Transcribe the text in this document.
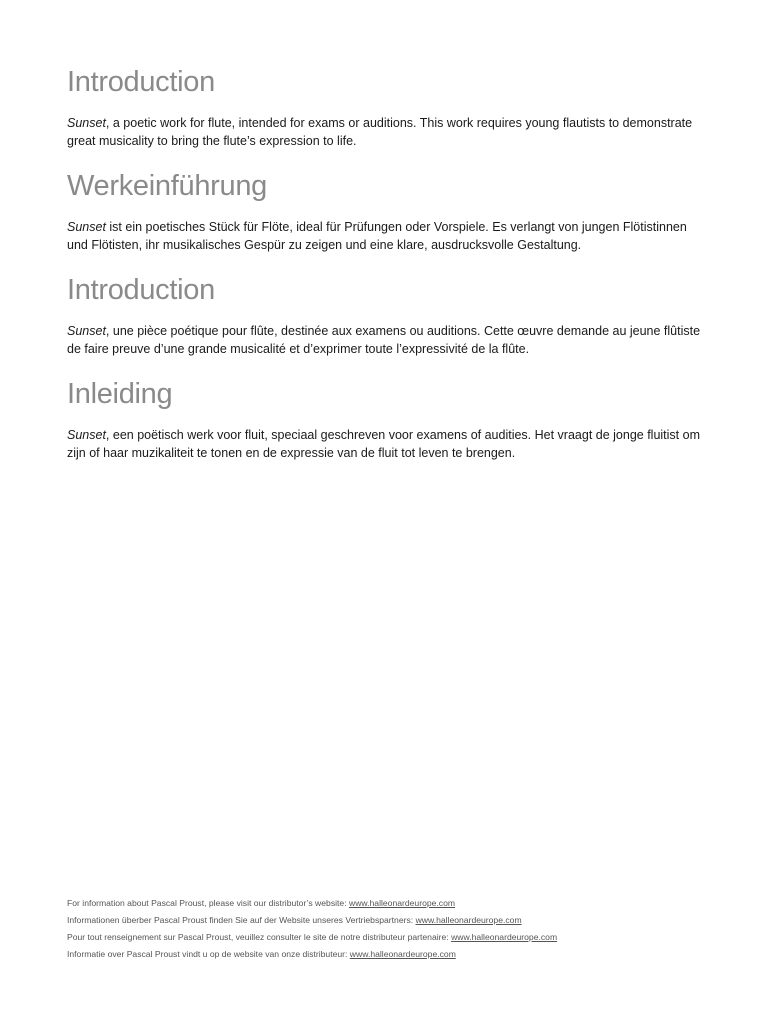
Introduction

Sunset, a poetic work for flute, intended for exams or auditions. This work requires young flautists to demonstrate great musicality to bring the flute’s expression to life.

Werkeinführung

Sunset ist ein poetisches Stück für Flöte, ideal für Prüfungen oder Vorspiele. Es verlangt von jungen Flötistinnen und Flötisten, ihr musikalisches Gespür zu zeigen und eine klare, ausdrucksvolle Gestaltung.

Introduction

Sunset, une pièce poétique pour flûte, destinée aux examens ou auditions. Cette œuvre demande au jeune flûtiste de faire preuve d’une grande musicalité et d’exprimer toute l’expressivité de la flûte.

Inleiding

Sunset, een poëtisch werk voor fluit, speciaal geschreven voor examens of audities. Het vraagt de jonge fluitist om zijn of haar muzikaliteit te tonen en de expressie van de fluit tot leven te brengen.

For information about Pascal Proust, please visit our distributor’s website: www.halleonardeurope.com

Informationen überber Pascal Proust finden Sie auf der Website unseres Vertriebspartners: www.halleonardeurope.com

Pour tout renseignement sur Pascal Proust, veuillez consulter le site de notre distributeur partenaire: www.halleonardeurope.com

Informatie over Pascal Proust vindt u op de website van onze distributeur: www.halleonardeurope.com
